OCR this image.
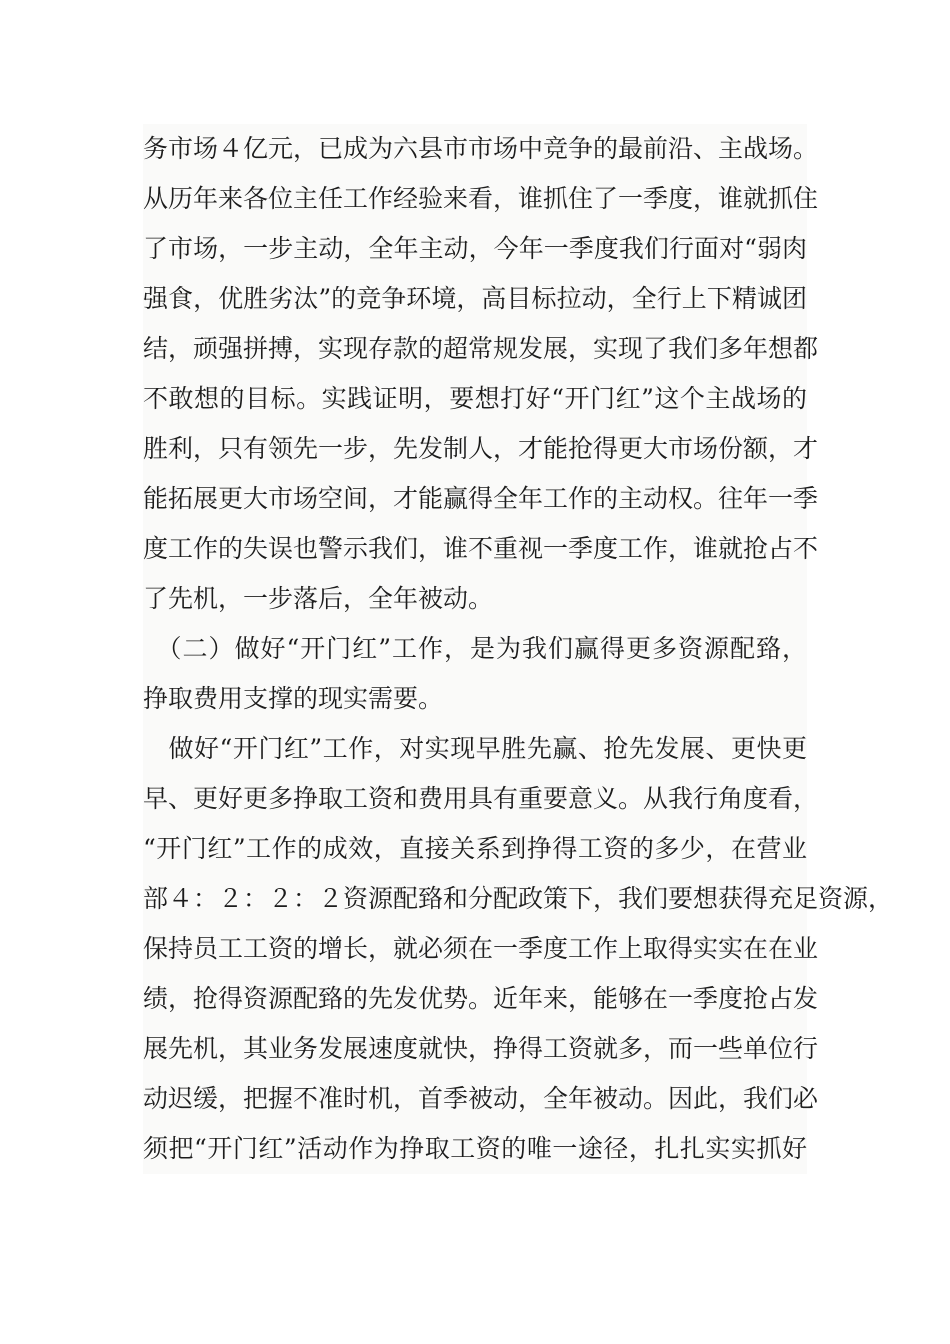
务市场４亿元，已成为六县市市场中竞争的最前沿、主战场。
从历年来各位主任工作经验来看，谁抓住了一季度，谁就抓住
了市场，一步主动，全年主动，今年一季度我们行面对“弱肉
强食，优胜劣汰”的竞争环境，高目标拉动，全行上下精诚团
结，顽强拼搏，实现存款的超常规发展，实现了我们多年想都
不敢想的目标。实践证明，要想打好“开门红”这个主战场的
胜利，只有领先一步，先发制人，才能抢得更大市场份额，才
能拓展更大市场空间，才能赢得全年工作的主动权。往年一季
度工作的失误也警示我们，谁不重视一季度工作，谁就抢占不
了先机，一步落后，全年被动。
　（二）做好“开门红”工作，是为我们赢得更多资源配臵，
挣取费用支撑的现实需要。
　做好“开门红”工作，对实现早胜先赢、抢先发展、更快更
早、更好更多挣取工资和费用具有重要意义。从我行角度看，
“开门红”工作的成效，直接关系到挣得工资的多少，在营业
部４：２：２：２资源配臵和分配政策下，我们要想获得充足资源，
保持员工工资的增长，就必须在一季度工作上取得实实在在业
绩，抢得资源配臵的先发优势。近年来，能够在一季度抢占发
展先机，其业务发展速度就快，挣得工资就多，而一些单位行
动迟缓，把握不准时机，首季被动，全年被动。因此，我们必
须把“开门红”活动作为挣取工资的唯一途径，扎扎实实抓好
